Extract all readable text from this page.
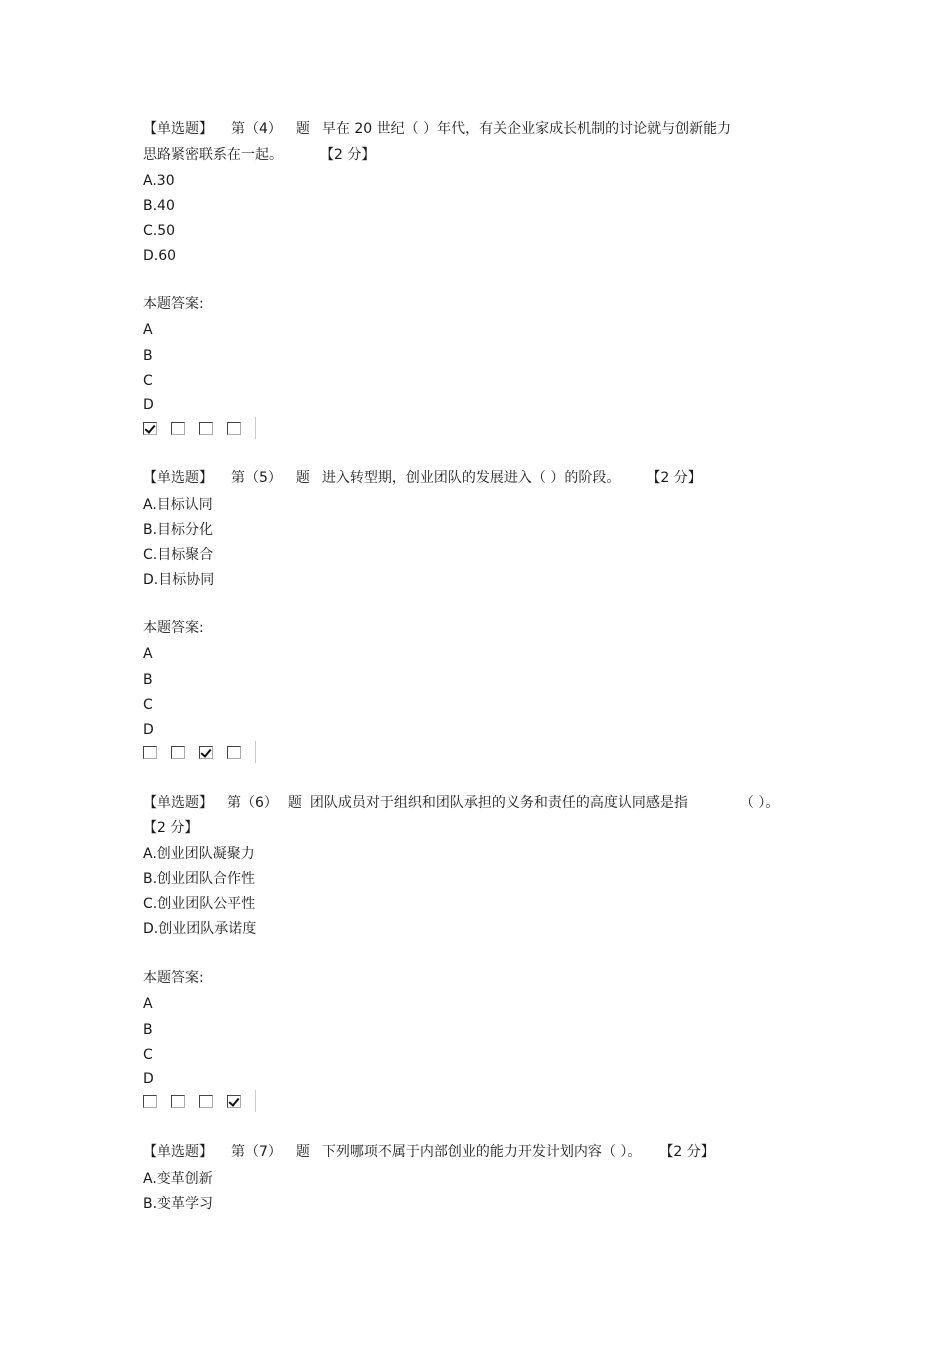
【单选题】 第（4） 题 早在 20 世纪（ ）年代，有关企业家成长机制的讨论就与创新能力
思路紧密联系在一起。	【2 分】
A.30
B.40
C.50
D.60
本题答案:
A
B
C
D
【单选题】 第（5） 题 进入转型期，创业团队的发展进入（ ）的阶段。 【2 分】
A.目标认同
B.目标分化
C.目标聚合
D.目标协同
本题答案:
A
B
C
D
【单选题】 第（6） 题 团队成员对于组织和团队承担的义务和责任的高度认同感是指	（ ）。
【2 分】
A.创业团队凝聚力
B.创业团队合作性
C.创业团队公平性
D.创业团队承诺度
本题答案:
A
B
C
D
【单选题】 第（7） 题 下列哪项不属于内部创业的能力开发计划内容（ ）。 【2 分】
A.变革创新
B.变革学习
